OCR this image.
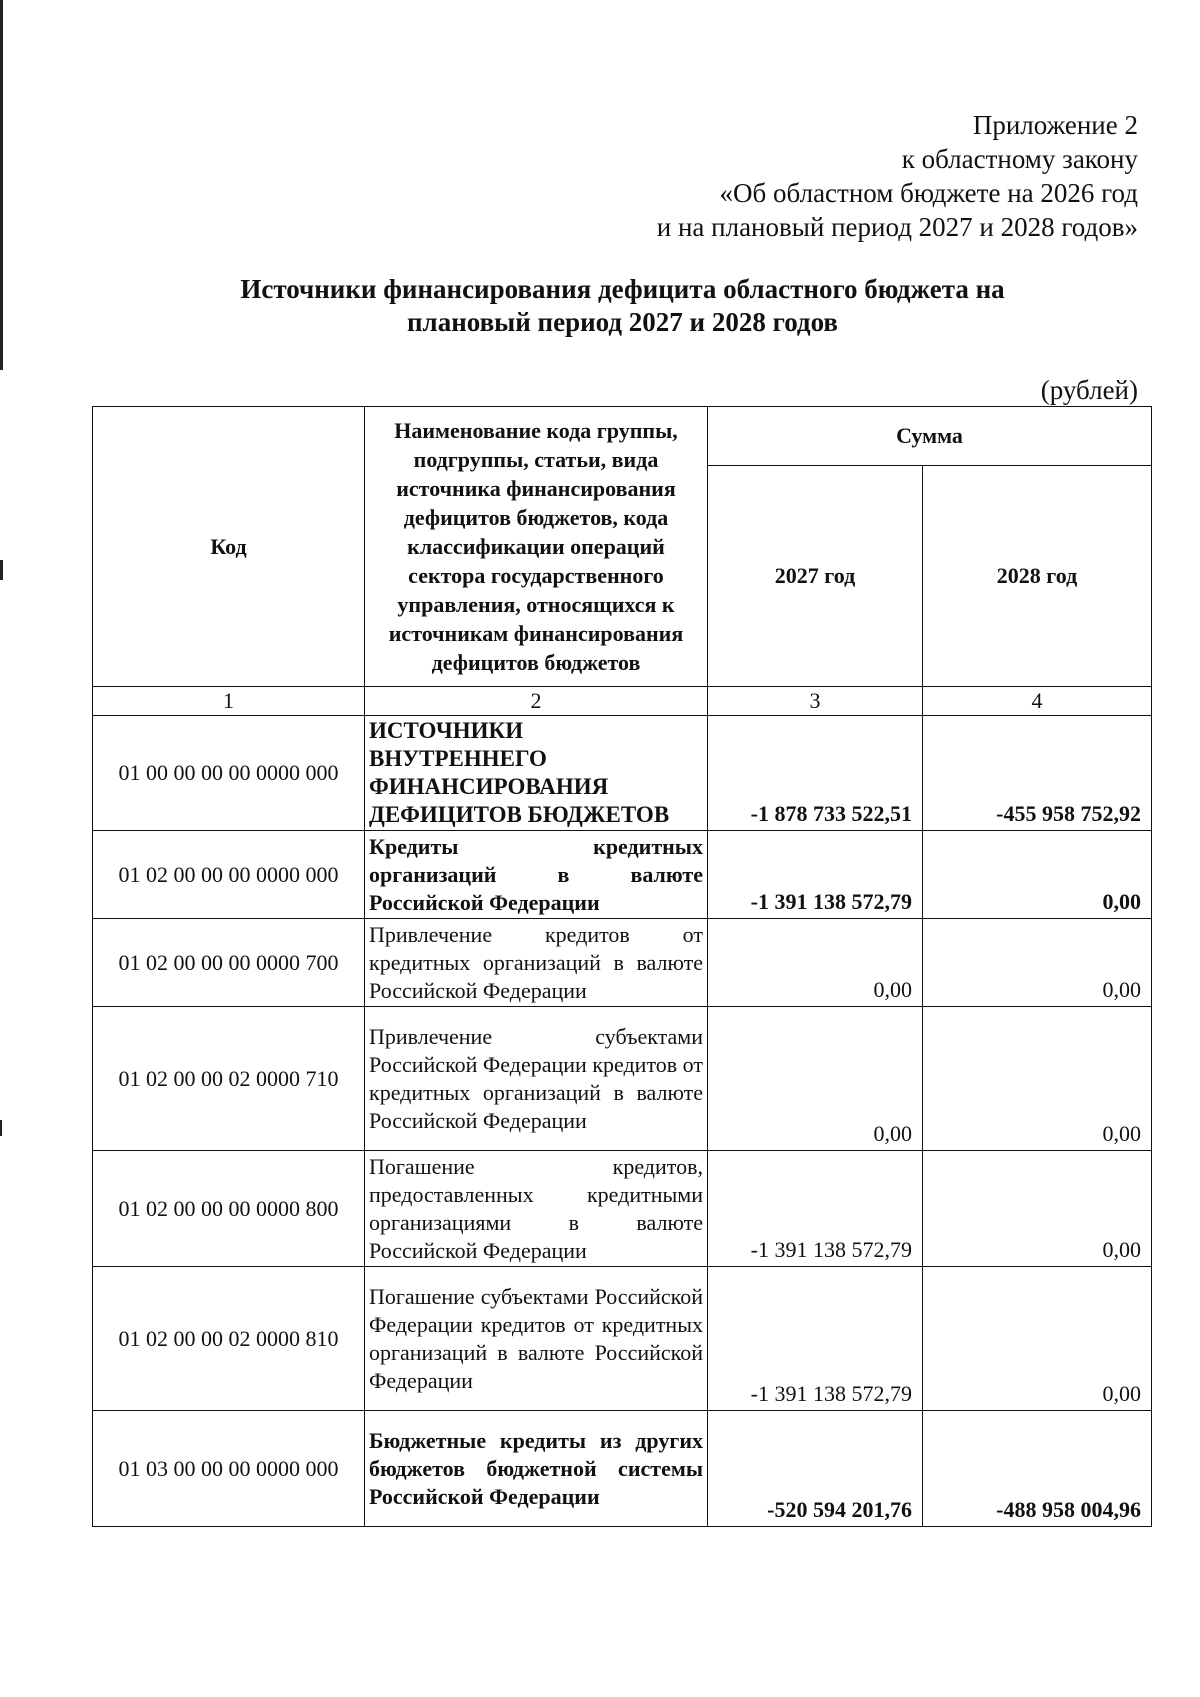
Приложение 2
к областному закону
«Об областном бюджете на 2026 год
и на плановый период 2027 и 2028 годов»
Источники финансирования дефицита областного бюджета на
плановый период 2027 и 2028 годов
(рублей)
Код	Наименование кода группы, подгруппы, статьи, вида источника финансирования дефицитов бюджетов, кода классификации операций сектора государственного управления, относящихся к источникам финансирования дефицитов бюджетов	Сумма	
		2027 год	2028 год
1	2	3	4
01 00 00 00 00 0000 000	ИСТОЧНИКИ ВНУТРЕННЕГО ФИНАНСИРОВАНИЯ ДЕФИЦИТОВ БЮДЖЕТОВ	-1 878 733 522,51	-455 958 752,92
01 02 00 00 00 0000 000	Кредиты кредитных организаций в валюте Российской Федерации	-1 391 138 572,79	0,00
01 02 00 00 00 0000 700	Привлечение кредитов от кредитных организаций в валюте Российской Федерации	0,00	0,00
01 02 00 00 02 0000 710	Привлечение субъектами Российской Федерации кредитов от кредитных организаций в валюте Российской Федерации	0,00	0,00
01 02 00 00 00 0000 800	Погашение кредитов, предоставленных кредитными организациями в валюте Российской Федерации	-1 391 138 572,79	0,00
01 02 00 00 02 0000 810	Погашение субъектами Российской Федерации кредитов от кредитных организаций в валюте Российской Федерации	-1 391 138 572,79	0,00
01 03 00 00 00 0000 000	Бюджетные кредиты из других бюджетов бюджетной системы Российской Федерации	-520 594 201,76	-488 958 004,96
